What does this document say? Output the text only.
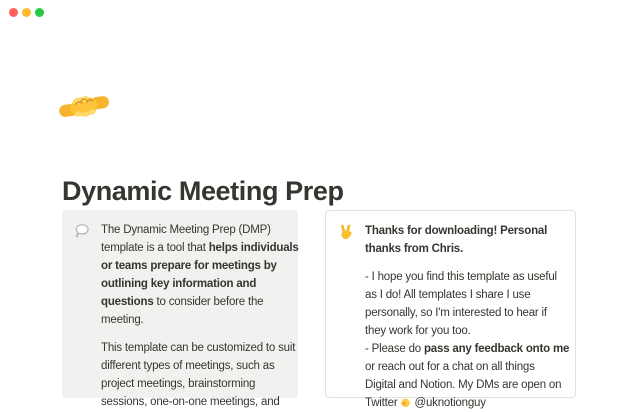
Dynamic Meeting Prep
The Dynamic Meeting Prep (DMP)
template is a tool that helps individuals
or teams prepare for meetings by
outlining key information and
questions to consider before the
meeting.
This template can be customized to suit
different types of meetings, such as
project meetings, brainstorming
sessions, one-on-one meetings, and
Thanks for downloading! Personal
thanks from Chris.
- I hope you find this template as useful
as I do! All templates I share I use
personally, so I'm interested to hear if
they work for you too.
- Please do pass any feedback onto me
or reach out for a chat on all things
Digital and Notion. My DMs are open on
Twitter @uknotionguy
